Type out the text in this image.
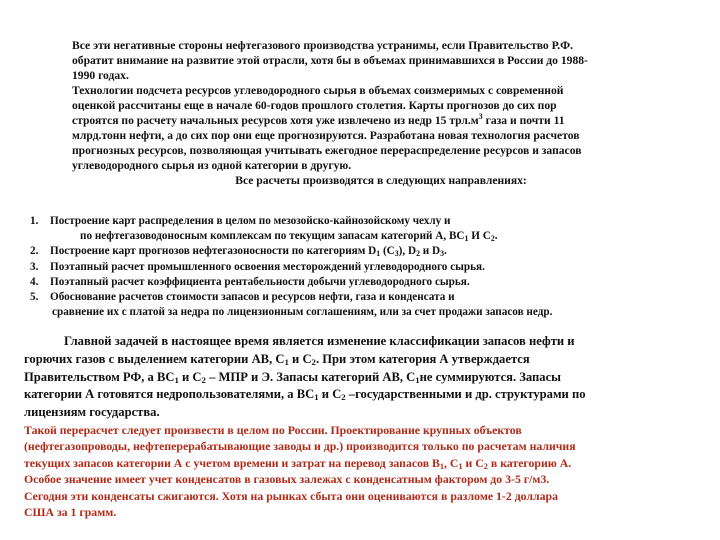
Все эти негативные стороны нефтегазового производства устранимы, если Правительство Р.Ф.
обратит внимание на развитие этой отрасли, хотя бы в объемах принимавшихся в России до 1988-
1990 годах.
Технологии подсчета ресурсов углеводородного сырья в объемах соизмеримых с современной
оценкой рассчитаны еще в начале 60-годов прошлого столетия. Карты прогнозов до сих пор
строятся по расчету начальных ресурсов хотя уже извлечено из недр 15 $трл.м^3$ газа и почти 11
млрд.тонн нефти, а до сих пор они еще прогнозируются. Разработана новая технология расчетов
прогнозных ресурсов, позволяющая учитывать ежегодное перераспределение ресурсов и запасов
углеводородного сырья из одной категории в другую.
Все расчеты производятся в следующих направлениях:
1. Построение карт распределения в целом по мезозойско-кайнозойскому чехлу и
по нефтегазоводоносным комплексам по текущим запасам категорий А, $ВС_1$ И $С_2$.
2. Построение карт прогнозов нефтегазоносности по категориям $D_1$ $(С_3)$, $D_2$ и $D_3$.
3. Поэтапный расчет промышленного освоения месторождений углеводородного сырья.
4. Поэтапный расчет коэффициента рентабельности добычи углеводородного сырья.
5. Обоснование расчетов стоимости запасов и ресурсов нефти, газа и конденсата и
сравнение их с платой за недра по лицензионным соглашениям, или за счет продажи запасов недр.
Главной задачей в настоящее время является изменение классификации запасов нефти и
горючих газов с выделением категории АВ, $С_1$ и $С_2$. При этом категория А утверждается
Правительством РФ, а $ВС_1$ и $С_2$ – МПР и Э. Запасы категорий АВ, $С_1не$ суммируются. Запасы
категории А готовятся недропользователями, а $ВС_1$ и $С_2$ –государственными и др. структурами по
лицензиям государства.
Такой перерасчет следует произвести в целом по России. Проектирование крупных объектов
(нефтегазопроводы, нефтеперерабатывающие заводы и др.) производится только по расчетам наличия
текущих запасов категории А с учетом времени и затрат на перевод запасов $В_1$, $С_1$ и $С_2$ в категорию А.
Особое значение имеет учет конденсатов в газовых залежах с конденсатным фактором до 3-5 г/м3.
Сегодня эти конденсаты сжигаются. Хотя на рынках сбыта они оцениваются в разломе 1-2 доллара
США за 1 грамм.
